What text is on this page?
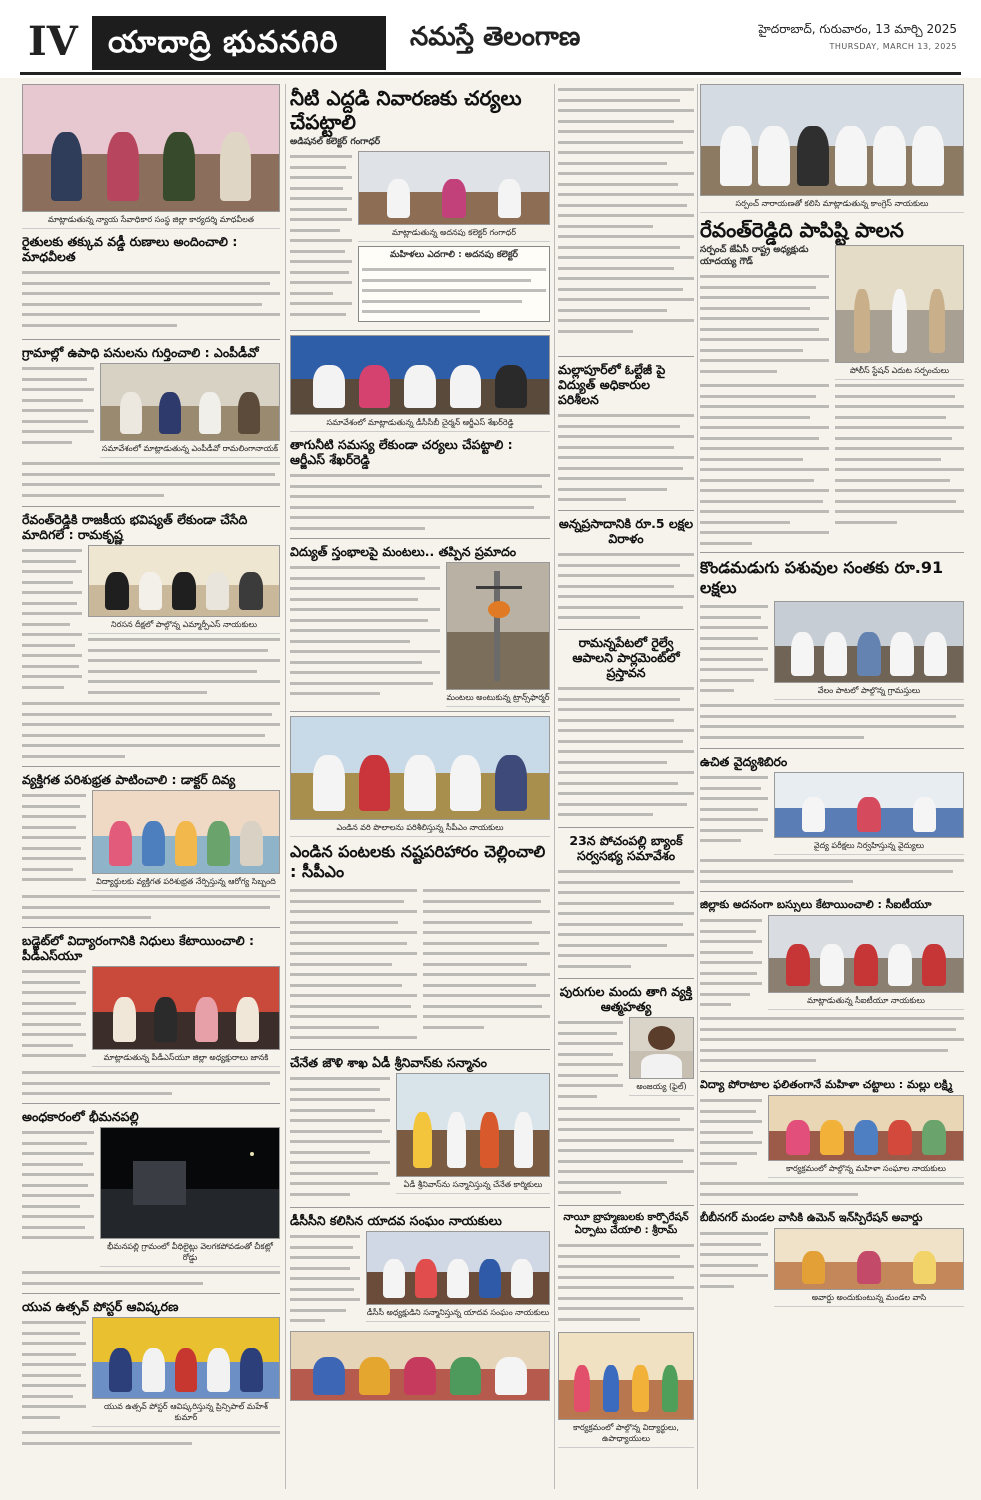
IV	యాదాద్రి భువనగిరి	నమస్తే తెలంగాణ	హైదరాబాద్, గురువారం, 13 మార్చి 2025
THURSDAY, MARCH 13, 2025
మాట్లాడుతున్న న్యాయ సేవాధికార సంస్థ జిల్లా కార్యదర్శి మాధవీలత
రైతులకు తక్కువ వడ్డీ రుణాలు అందించాలి : మాధవీలత
గ్రామాల్లో ఉపాధి పనులను గుర్తించాలి : ఎంపీడీవో
సమావేశంలో మాట్లాడుతున్న ఎంపీడీవో రామలింగానాయక్
రేవంత్‌రెడ్డికి రాజకీయ భవిష్యత్ లేకుండా చేసేది మాదిగలే : రామకృష్ణ
నిరసన దీక్షలో పాల్గొన్న ఎమ్మార్పీఎస్ నాయకులు
వ్యక్తిగత పరిశుభ్రత పాటించాలి : డాక్టర్ దివ్య
విద్యార్థులకు వ్యక్తిగత పరిశుభ్రత నేర్పిస్తున్న ఆరోగ్య సిబ్బంది
బడ్జెట్‌లో విద్యారంగానికి నిధులు కేటాయించాలి : పీడీఎస్‌యూ
మాట్లాడుతున్న పీడీఎస్‌యూ జిల్లా అధ్యక్షురాలు జానకి
అంధకారంలో భీమనపల్లి
భీమనపల్లి గ్రామంలో వీధిలైట్లు వెలగకపోవడంతో చీకట్లో రోడ్డు
యువ ఉత్సవ్ పోస్టర్ ఆవిష్కరణ
యువ ఉత్సవ్ పోస్టర్ ఆవిష్కరిస్తున్న ప్రిన్సిపాల్ మహేశ్ కుమార్
నీటి ఎద్దడి నివారణకు చర్యలు చేపట్టాలి
అడిషనల్ కలెక్టర్ గంగాధర్
మాట్లాడుతున్న అదనపు కలెక్టర్ గంగాధర్
మహిళలు ఎదగాలి : అదనపు కలెక్టర్
సమావేశంలో మాట్లాడుతున్న డీసీసీబీ చైర్మన్ ఆర్జీఎస్ శేఖర్‌రెడ్డి
తాగునీటి సమస్య లేకుండా చర్యలు చేపట్టాలి : ఆర్జీఎస్ శేఖర్‌రెడ్డి
విద్యుత్ స్తంభాలపై మంటలు.. తప్పిన ప్రమాదం
మంటలు అంటుకున్న ట్రాన్స్‌ఫార్మర్
ఎండిన వరి పొలాలను పరిశీలిస్తున్న సీపీఎం నాయకులు
ఎండిన పంటలకు నష్టపరిహారం చెల్లించాలి : సీపీఎం
చేనేత జౌళి శాఖ ఏడీ శ్రీనివాస్‌కు సన్మానం
ఏడీ శ్రీనివాస్‌ను సన్మానిస్తున్న చేనేత కార్మికులు
డీసీసీని కలిసిన యాదవ సంఘం నాయకులు
డీసీసీ అధ్యక్షుడిని సన్మానిస్తున్న యాదవ సంఘం నాయకులు
మల్లాపూర్‌లో ఓల్టేజీ పై విద్యుత్ అధికారుల పరిశీలన
అన్నప్రసాదానికి రూ.5 లక్షల విరాళం
రామన్నపేటలో రైల్వే ఆపాలని పార్లమెంట్‌లో ప్రస్తావన
23న పోచంపల్లి బ్యాంక్ సర్వసభ్య సమావేశం
పురుగుల మందు తాగి వ్యక్తి ఆత్మహత్య
అంజయ్య (ఫైల్)
నాయీ బ్రాహ్మణులకు కార్పొరేషన్ ఏర్పాటు చేయాలి : శ్రీరామ్
కార్యక్రమంలో పాల్గొన్న విద్యార్థులు, ఉపాధ్యాయులు
సర్పంచ్ నారాయణతో కలిసి మాట్లాడుతున్న కాంగ్రెస్ నాయకులు
రేవంత్‌రెడ్డిది పాపిష్టి పాలన
సర్పంచ్ జేఏసీ రాష్ట్ర అధ్యక్షుడు యాదయ్య గౌడ్
పోలీస్ స్టేషన్ ఎదుట సర్పంచులు
కొండమడుగు పశువుల సంతకు రూ.91 లక్షలు
వేలం పాటలో పాల్గొన్న గ్రామస్తులు
ఉచిత వైద్యశిబిరం
వైద్య పరీక్షలు నిర్వహిస్తున్న వైద్యులు
జిల్లాకు అదనంగా బస్సులు కేటాయించాలి : సీఐటీయూ
మాట్లాడుతున్న సీఐటీయూ నాయకులు
విద్యా పోరాటాల ఫలితంగానే మహిళా చట్టాలు : మల్లు లక్ష్మి
కార్యక్రమంలో పాల్గొన్న మహిళా సంఘాల నాయకులు
బీబీనగర్ మండల వాసికి ఉమెన్ ఇన్‌స్పిరేషన్ అవార్డు
అవార్డు అందుకుంటున్న మండల వాసి
